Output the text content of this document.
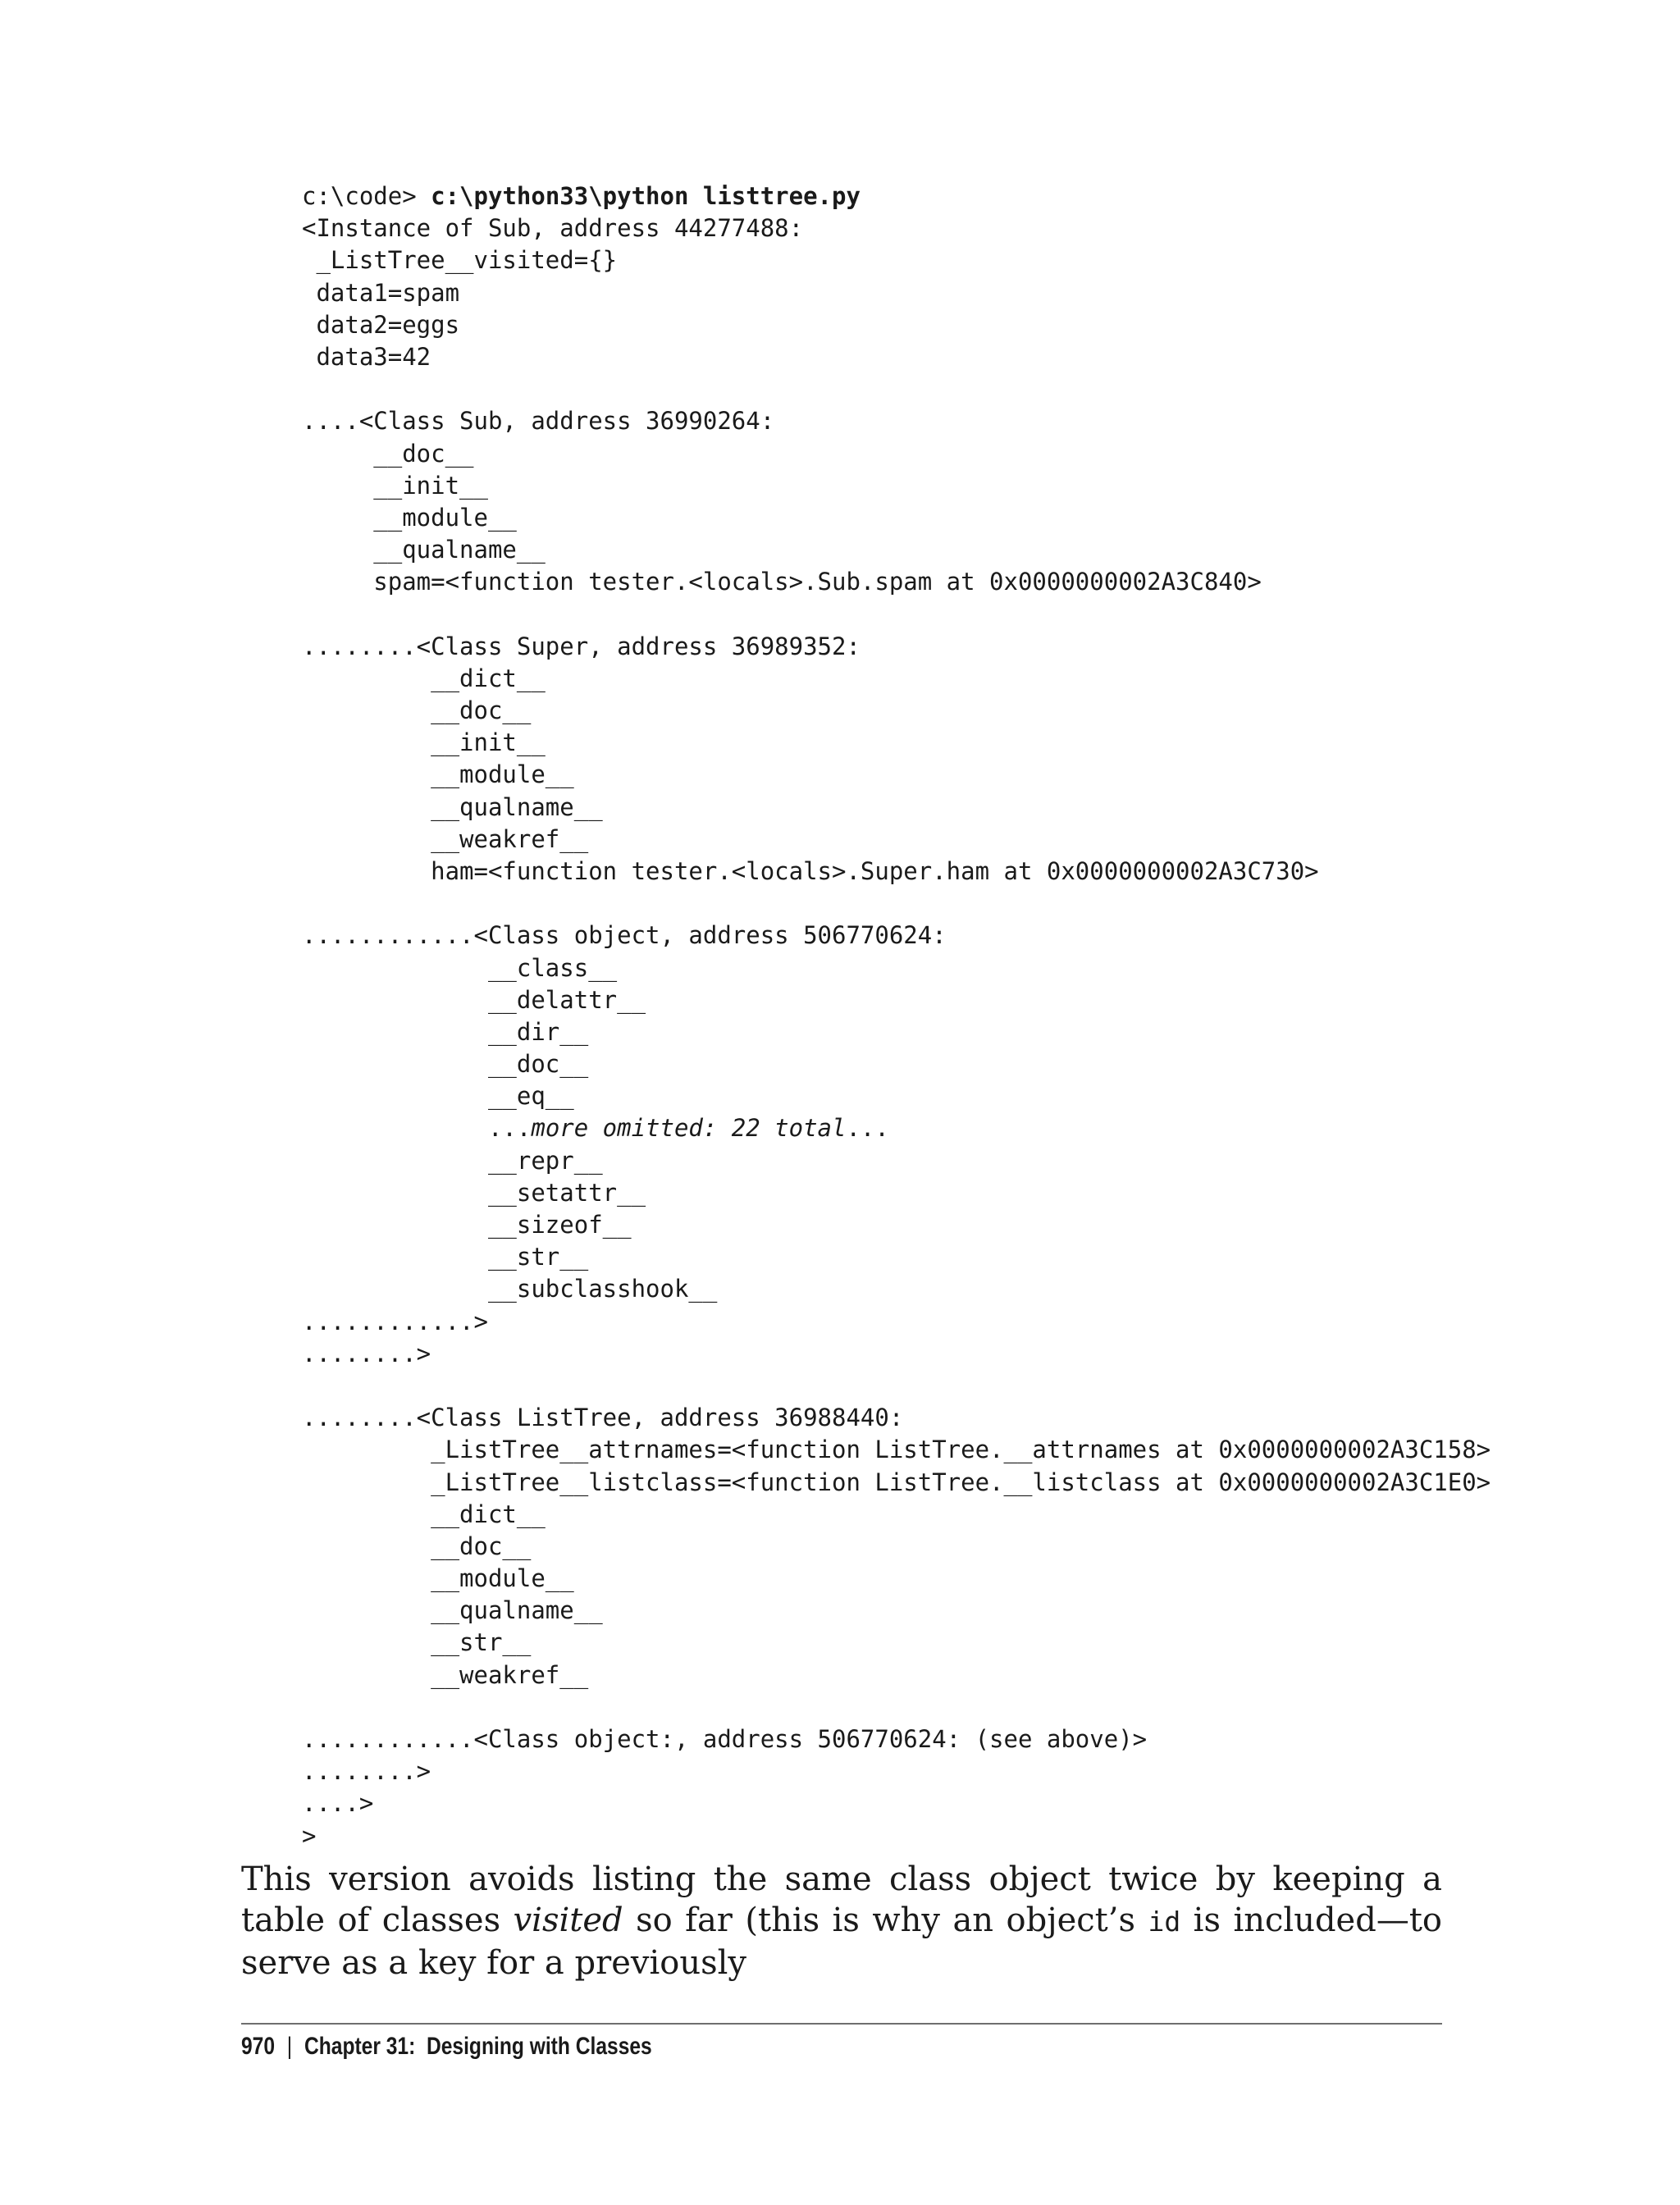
c:\code> c:\python33\python listtree.py
<Instance of Sub, address 44277488:
_ListTree__visited={}
data1=spam
data2=eggs
data3=42
....<Class Sub, address 36990264:
__doc__
__init__
__module__
__qualname__
spam=<function tester.<locals>.Sub.spam at 0x0000000002A3C840>
........<Class Super, address 36989352:
__dict__
__doc__
__init__
__module__
__qualname__
__weakref__
ham=<function tester.<locals>.Super.ham at 0x0000000002A3C730>
............<Class object, address 506770624:
__class__
__delattr__
__dir__
__doc__
__eq__
...more omitted: 22 total...
__repr__
__setattr__
__sizeof__
__str__
__subclasshook__
............>
........>
........<Class ListTree, address 36988440:
_ListTree__attrnames=<function ListTree.__attrnames at 0x0000000002A3C158>
_ListTree__listclass=<function ListTree.__listclass at 0x0000000002A3C1E0>
__dict__
__doc__
__module__
__qualname__
__str__
__weakref__
............<Class object:, address 506770624: (see above)>
........>
....>
>
This version avoids listing the same class object twice by keeping a table of classes visited so far (this is why an object’s id is included—to serve as a key for a previously
970 | Chapter 31:  Designing with Classes
